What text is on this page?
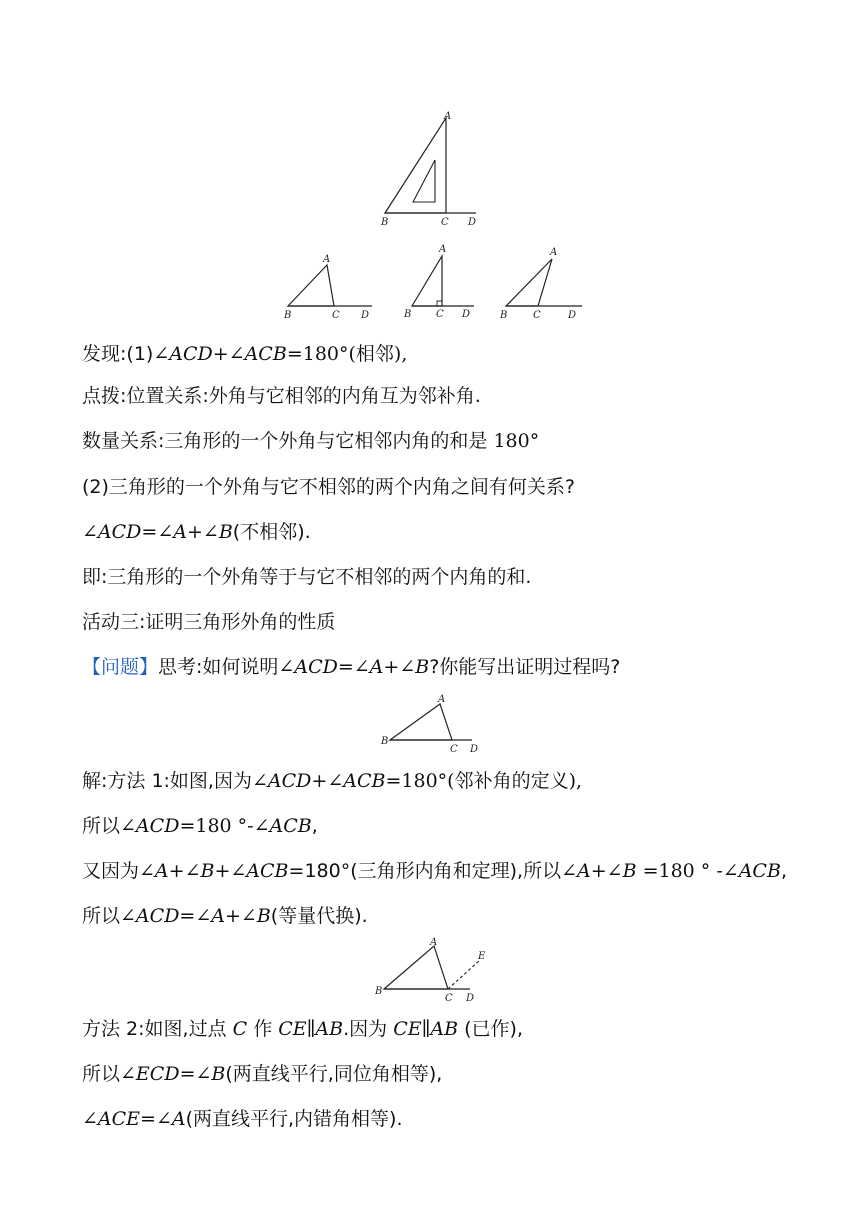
A
B	C D
A
B	C D
A
B C D
A
B	C	D
发现:(1)∠ACD+∠ACB=180°(相邻),
点拨:位置关系:外角与它相邻的内角互为邻补角.
数量关系:三角形的一个外角与它相邻内角的和是 180°
(2)三角形的一个外角与它不相邻的两个内角之间有何关系?
∠ACD=∠A+∠B(不相邻).
即:三角形的一个外角等于与它不相邻的两个内角的和.
活动三:证明三角形外角的性质
【问题】思考:如何说明∠ACD=∠A+∠B?你能写出证明过程吗?
A
B
C D
解:方法 1:如图,因为∠ACD+∠ACB=180°(邻补角的定义),
所以∠ACD=180 °-∠ACB,
又因为∠A+∠B+∠ACB=180°(三角形内角和定理),所以∠A+∠B =180 ° -∠ACB,
所以∠ACD=∠A+∠B(等量代换).
A
B
C D
E
方法 2:如图,过点 C 作 CE∥AB.因为 CE∥AB (已作),
所以∠ECD=∠B(两直线平行,同位角相等),
∠ACE=∠A(两直线平行,内错角相等).
